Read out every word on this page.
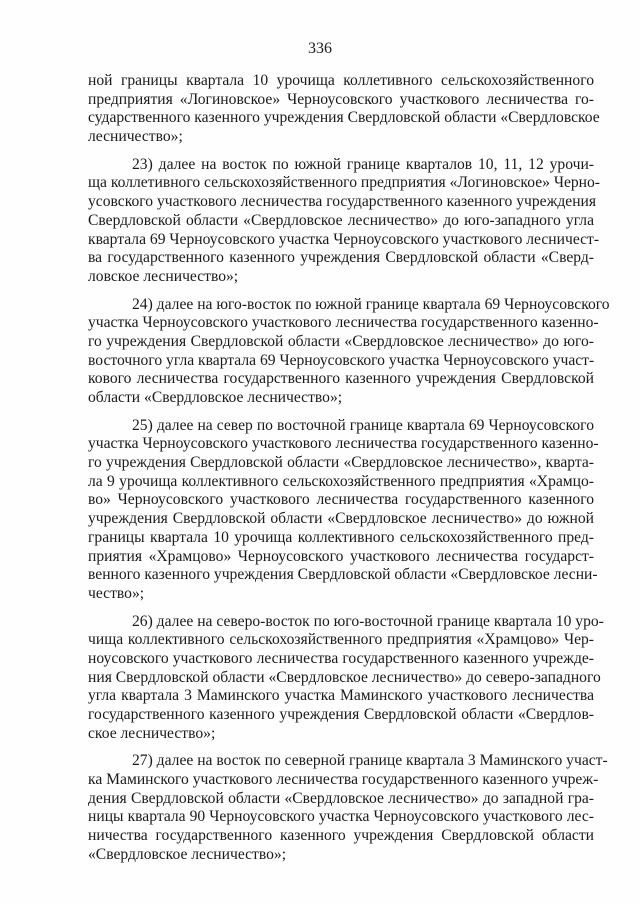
336
ной границы квартала 10 урочища коллетивного сельскохозяйственного
предприятия «Логиновское» Черноусовского участкового лесничества го-
сударственного казенного учреждения Свердловской области «Свердловское
лесничество»;
23) далее на восток по южной границе кварталов 10, 11, 12 урочи-
ща коллетивного сельскохозяйственного предприятия «Логиновское» Черно-
усовского участкового лесничества государственного казенного учреждения
Свердловской области «Свердловское лесничество» до юго-западного угла
квартала 69 Черноусовского участка Черноусовского участкового лесничест-
ва государственного казенного учреждения Свердловской области «Сверд-
ловское лесничество»;
24) далее на юго-восток по южной границе квартала 69 Черноусовского
участка Черноусовского участкового лесничества государственного казенно-
го учреждения Свердловской области «Свердловское лесничество» до юго-
восточного угла квартала 69 Черноусовского участка Черноусовского участ-
кового лесничества государственного казенного учреждения Свердловской
области «Свердловское лесничество»;
25) далее на север по восточной границе квартала 69 Черноусовского
участка Черноусовского участкового лесничества государственного казенно-
го учреждения Свердловской области «Свердловское лесничество», кварта-
ла 9 урочища коллективного сельскохозяйственного предприятия «Храмцо-
во» Черноусовского участкового лесничества государственного казенного
учреждения Свердловской области «Свердловское лесничество» до южной
границы квартала 10 урочища коллективного сельскохозяйственного пред-
приятия «Храмцово» Черноусовского участкового лесничества государст-
венного казенного учреждения Свердловской области «Свердловское лесни-
чество»;
26) далее на северо-восток по юго-восточной границе квартала 10 уро-
чища коллективного сельскохозяйственного предприятия «Храмцово» Чер-
ноусовского участкового лесничества государственного казенного учрежде-
ния Свердловской области «Свердловское лесничество» до северо-западного
угла квартала 3 Маминского участка Маминского участкового лесничества
государственного казенного учреждения Свердловской области «Свердлов-
ское лесничество»;
27) далее на восток по северной границе квартала 3 Маминского участ-
ка Маминского участкового лесничества государственного казенного учреж-
дения Свердловской области «Свердловское лесничество» до западной гра-
ницы квартала 90 Черноусовского участка Черноусовского участкового лес-
ничества государственного казенного учреждения Свердловской области
«Свердловское лесничество»;
